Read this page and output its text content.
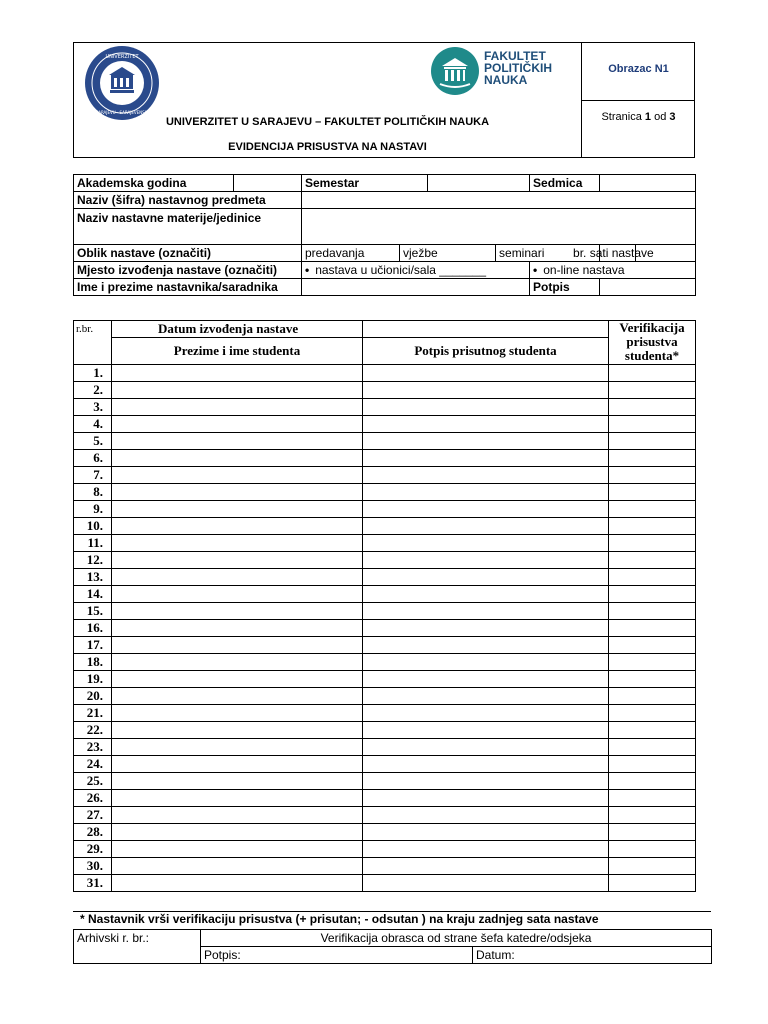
UNIVERZITET
SARAJEVU · SARAJEVENSIS
FAKULTET
POLITIČKIH
NAUKA
UNIVERZITET U SARAJEVU – FAKULTET POLITIČKIH NAUKA
EVIDENCIJA PRISUSTVA NA NASTAVI
Obrazac N1
Stranica 1 od 3
Akademska godina		Semestar				Sedmica		
Naziv (šifra) nastavnog predmeta								
Naziv nastavne materije/jedinice								
Oblik nastave (označiti)		predavanja	vježbe		seminari		br. sati nastave	
Mjesto izvođenja nastave (označiti)		• nastava u učionici/sala _______				• on-line nastava		
Ime i prezime nastavnika/saradnika						Potpis		
r.br.	Datum izvođenja nastave		Verifikacija prisustva studenta*
	Prezime i ime studenta	Potpis prisutnog studenta	
1.			
2.			
3.			
4.			
5.			
6.			
7.			
8.			
9.			
10.			
11.			
12.			
13.			
14.			
15.			
16.			
17.			
18.			
19.			
20.			
21.			
22.			
23.			
24.			
25.			
26.			
27.			
28.			
29.			
30.			
31.			
* Nastavnik vrši verifikaciju prisustva (+ prisutan; - odsutan ) na kraju zadnjeg sata nastave
Arhivski r. br.:	Verifikacija obrasca od strane šefa katedre/odsjeka	
	Potpis:	Datum:
